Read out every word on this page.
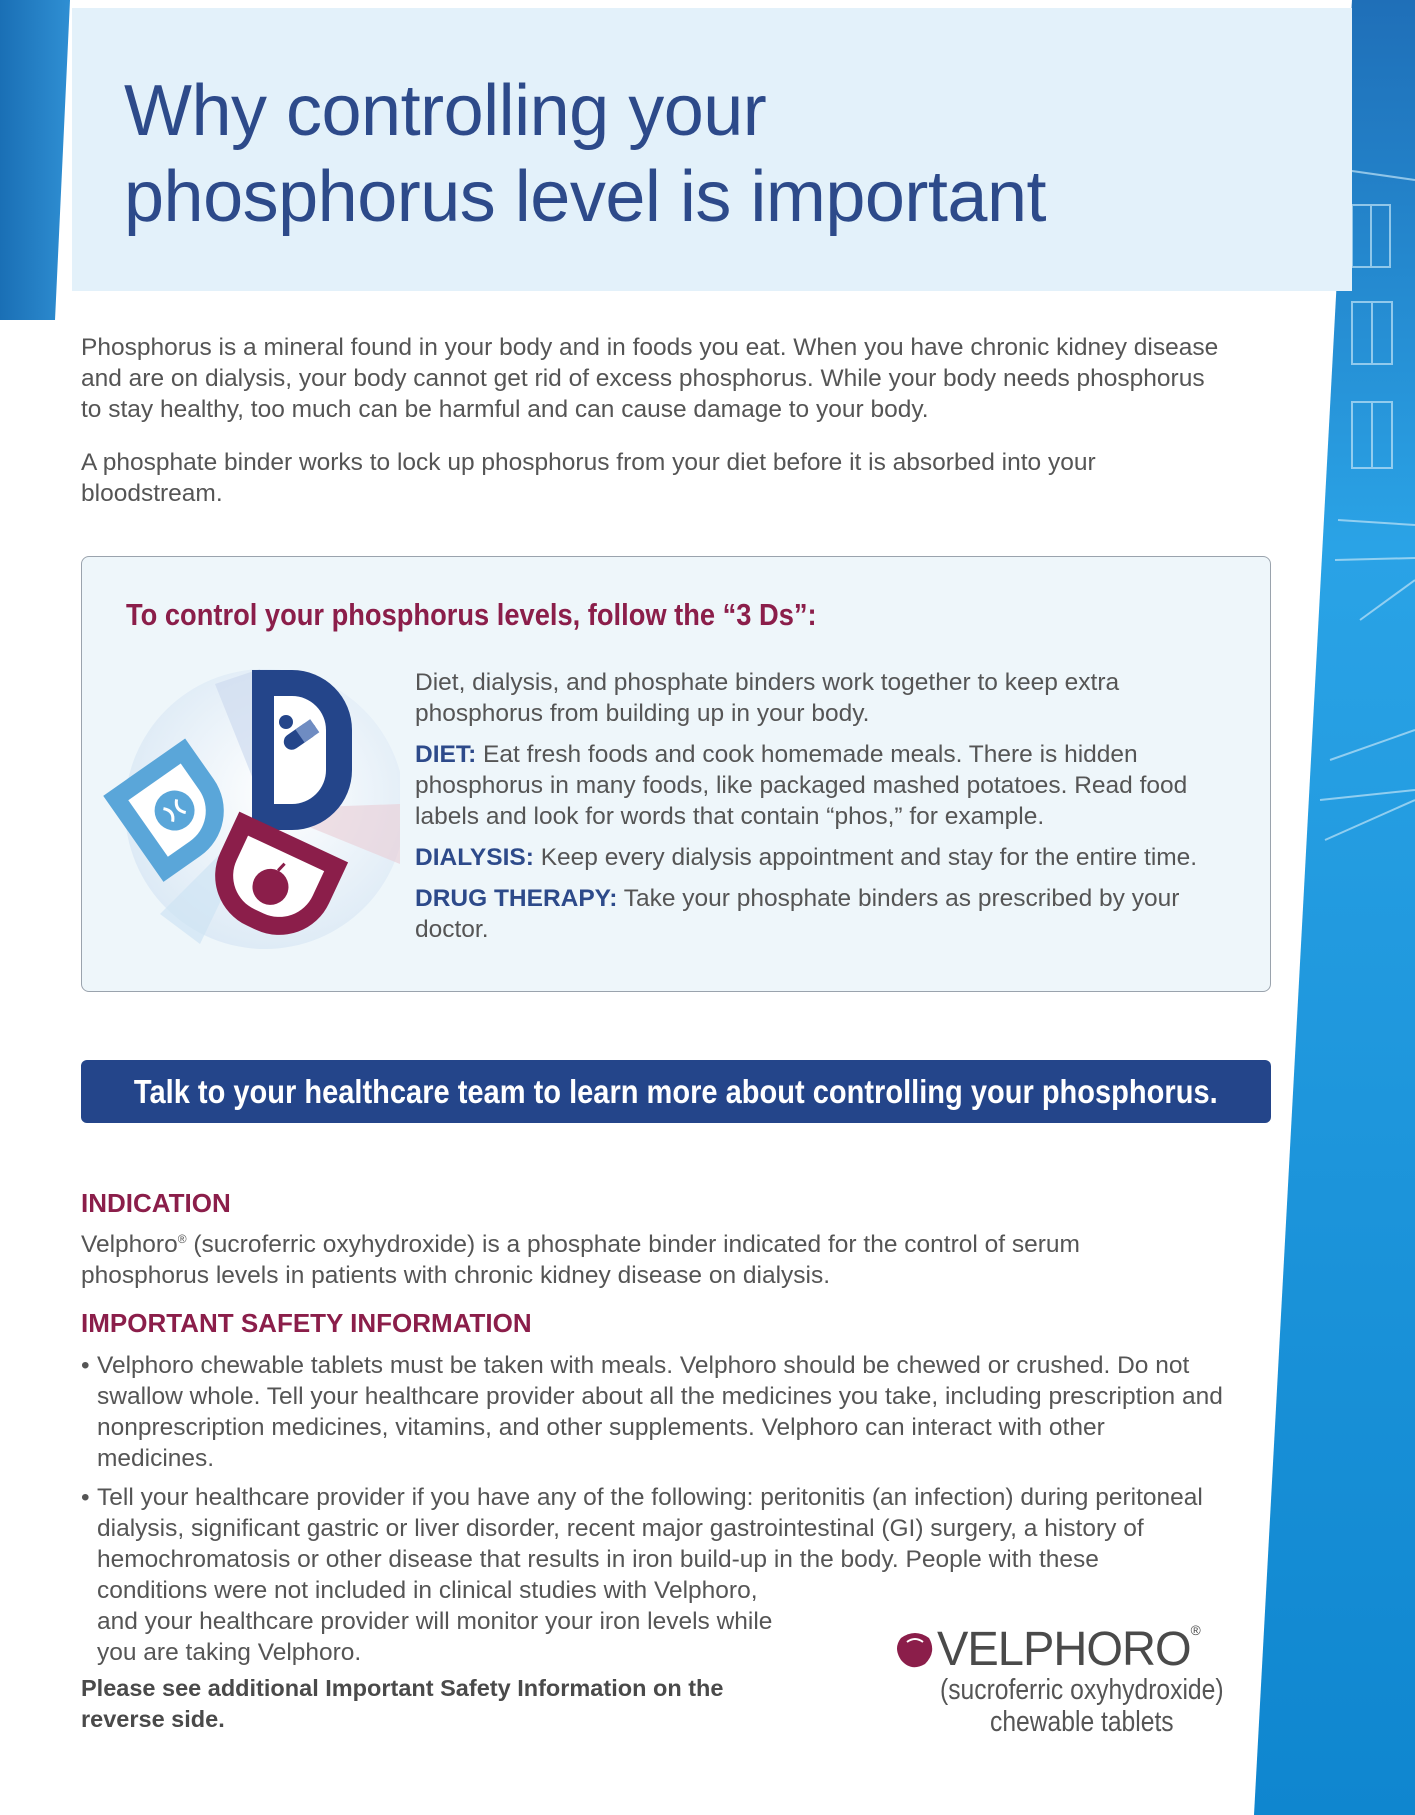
Why controlling your
phosphorus level is important

Phosphorus is a mineral found in your body and in foods you eat. When you have chronic kidney disease and are on dialysis, your body cannot get rid of excess phosphorus. While your body needs phosphorus to stay healthy, too much can be harmful and can cause damage to your body.

A phosphate binder works to lock up phosphorus from your diet before it is absorbed into your bloodstream.

To control your phosphorus levels, follow the “3 Ds”:

Diet, dialysis, and phosphate binders work together to keep extra phosphorus from building up in your body.

DIET: Eat fresh foods and cook homemade meals. There is hidden phosphorus in many foods, like packaged mashed potatoes. Read food labels and look for words that contain “phos,” for example.

DIALYSIS: Keep every dialysis appointment and stay for the entire time.

DRUG THERAPY: Take your phosphate binders as prescribed by your doctor.

Talk to your healthcare team to learn more about controlling your phosphorus.
INDICATION

Velphoro® (sucroferric oxyhydroxide) is a phosphate binder indicated for the control of serum phosphorus levels in patients with chronic kidney disease on dialysis.

IMPORTANT SAFETY INFORMATION
• Velphoro chewable tablets must be taken with meals. Velphoro should be chewed or crushed. Do not swallow whole. Tell your healthcare provider about all the medicines you take, including prescription and nonprescription medicines, vitamins, and other supplements. Velphoro can interact with other medicines.
• Tell your healthcare provider if you have any of the following: peritonitis (an infection) during peritoneal dialysis, significant gastric or liver disorder, recent major gastrointestinal (GI) surgery, a history of hemochromatosis or other disease that results in iron build-up in the body. People with these
conditions were not included in clinical studies with Velphoro,
and your healthcare provider will monitor your iron levels while
you are taking Velphoro.

Please see additional Important Safety Information on the reverse side.

VELPHORO®
(sucroferric oxyhydroxide)
chewable tablets
